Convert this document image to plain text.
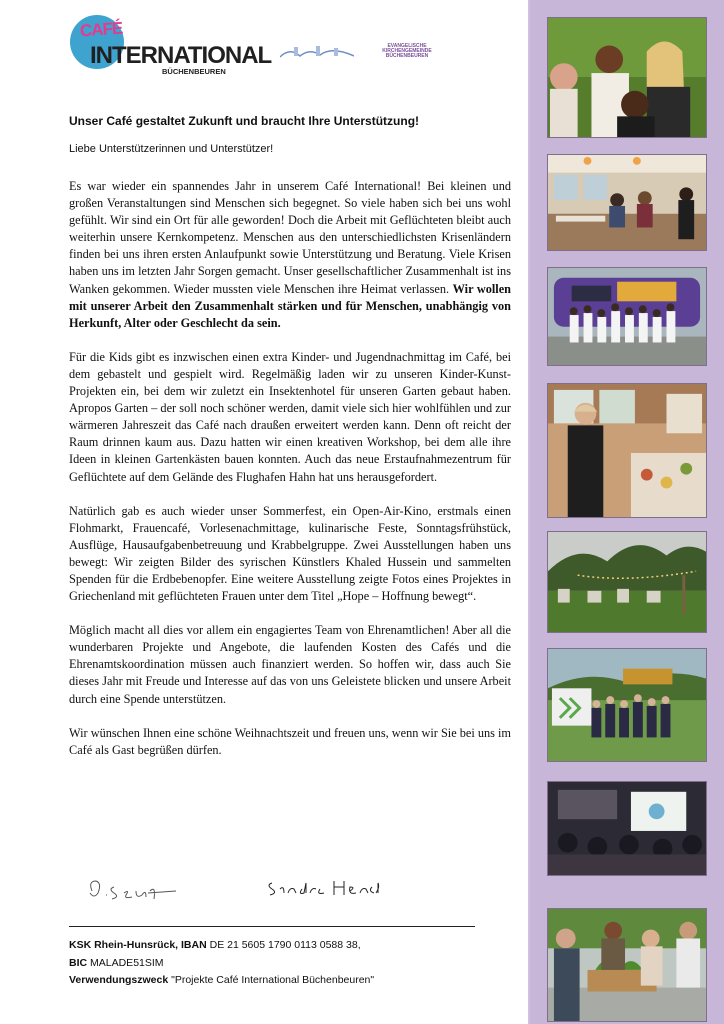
CAFÉ
INTERNATIONAL
BÜCHENBEUREN
EVANGELISCHE
KIRCHENGEMEINDE
BÜCHENBEUREN
Unser Café gestaltet Zukunft und braucht Ihre Unterstützung!
Liebe Unterstützerinnen und Unterstützer!

Es war wieder ein spannendes Jahr in unserem Café International! Bei kleinen und großen Veranstaltungen sind Menschen sich begegnet. So viele haben sich bei uns wohl gefühlt. Wir sind ein Ort für alle geworden! Doch die Arbeit mit Geflüchteten bleibt auch weiterhin unsere Kernkompetenz. Menschen aus den unterschiedlichsten Krisenländern finden bei uns ihren ersten Anlaufpunkt sowie Unterstützung und Beratung. Viele Krisen haben uns im letzten Jahr Sorgen gemacht. Unser gesellschaftlicher Zusammenhalt ist ins Wanken gekommen. Wieder mussten viele Menschen ihre Heimat verlassen. Wir wollen mit unserer Arbeit den Zusammenhalt stärken und für Menschen, unabhängig von Herkunft, Alter oder Geschlecht da sein.

Für die Kids gibt es inzwischen einen extra Kinder- und Jugendnachmittag im Café, bei dem gebastelt und gespielt wird. Regelmäßig laden wir zu unseren Kinder-Kunst-Projekten ein, bei dem wir zuletzt ein Insektenhotel für unseren Garten gebaut haben. Apropos Garten – der soll noch schöner werden, damit viele sich hier wohlfühlen und zur wärmeren Jahreszeit das Café nach draußen erweitert werden kann. Denn oft reicht der Raum drinnen kaum aus. Dazu hatten wir einen kreativen Workshop, bei dem alle ihre Ideen in kleinen Gartenkästen bauen konnten. Auch das neue Erstaufnahmezentrum für Geflüchtete auf dem Gelände des Flughafen Hahn hat uns herausgefordert.

Natürlich gab es auch wieder unser Sommerfest, ein Open-Air-Kino, erstmals einen Flohmarkt, Frauencafé, Vorlesenachmittage, kulinarische Feste, Sonntagsfrühstück, Ausflüge, Hausaufgabenbetreuung und Krabbelgruppe. Zwei Ausstellungen haben uns bewegt: Wir zeigten Bilder des syrischen Künstlers Khaled Hussein und sammelten Spenden für die Erdbebenopfer. Eine weitere Ausstellung zeigte Fotos eines Projektes in Griechenland mit geflüchteten Frauen unter dem Titel „Hope – Hoffnung bewegt“.

Möglich macht all dies vor allem ein engagiertes Team von Ehrenamtlichen! Aber all die wunderbaren Projekte und Angebote, die laufenden Kosten des Cafés und die Ehrenamtskoordination müssen auch finanziert werden. So hoffen wir, dass auch Sie dieses Jahr mit Freude und Interesse auf das von uns Geleistete blicken und unsere Arbeit durch eine Spende unterstützen.

Wir wünschen Ihnen eine schöne Weihnachtszeit und freuen uns, wenn wir Sie bei uns im Café als Gast begrüßen dürfen.

KSK Rhein-Hunsrück, IBAN DE 21 5605 1790 0113 0588 38,
BIC MALADE51SIM
Verwendungszweck "Projekte Café International Büchenbeuren"
